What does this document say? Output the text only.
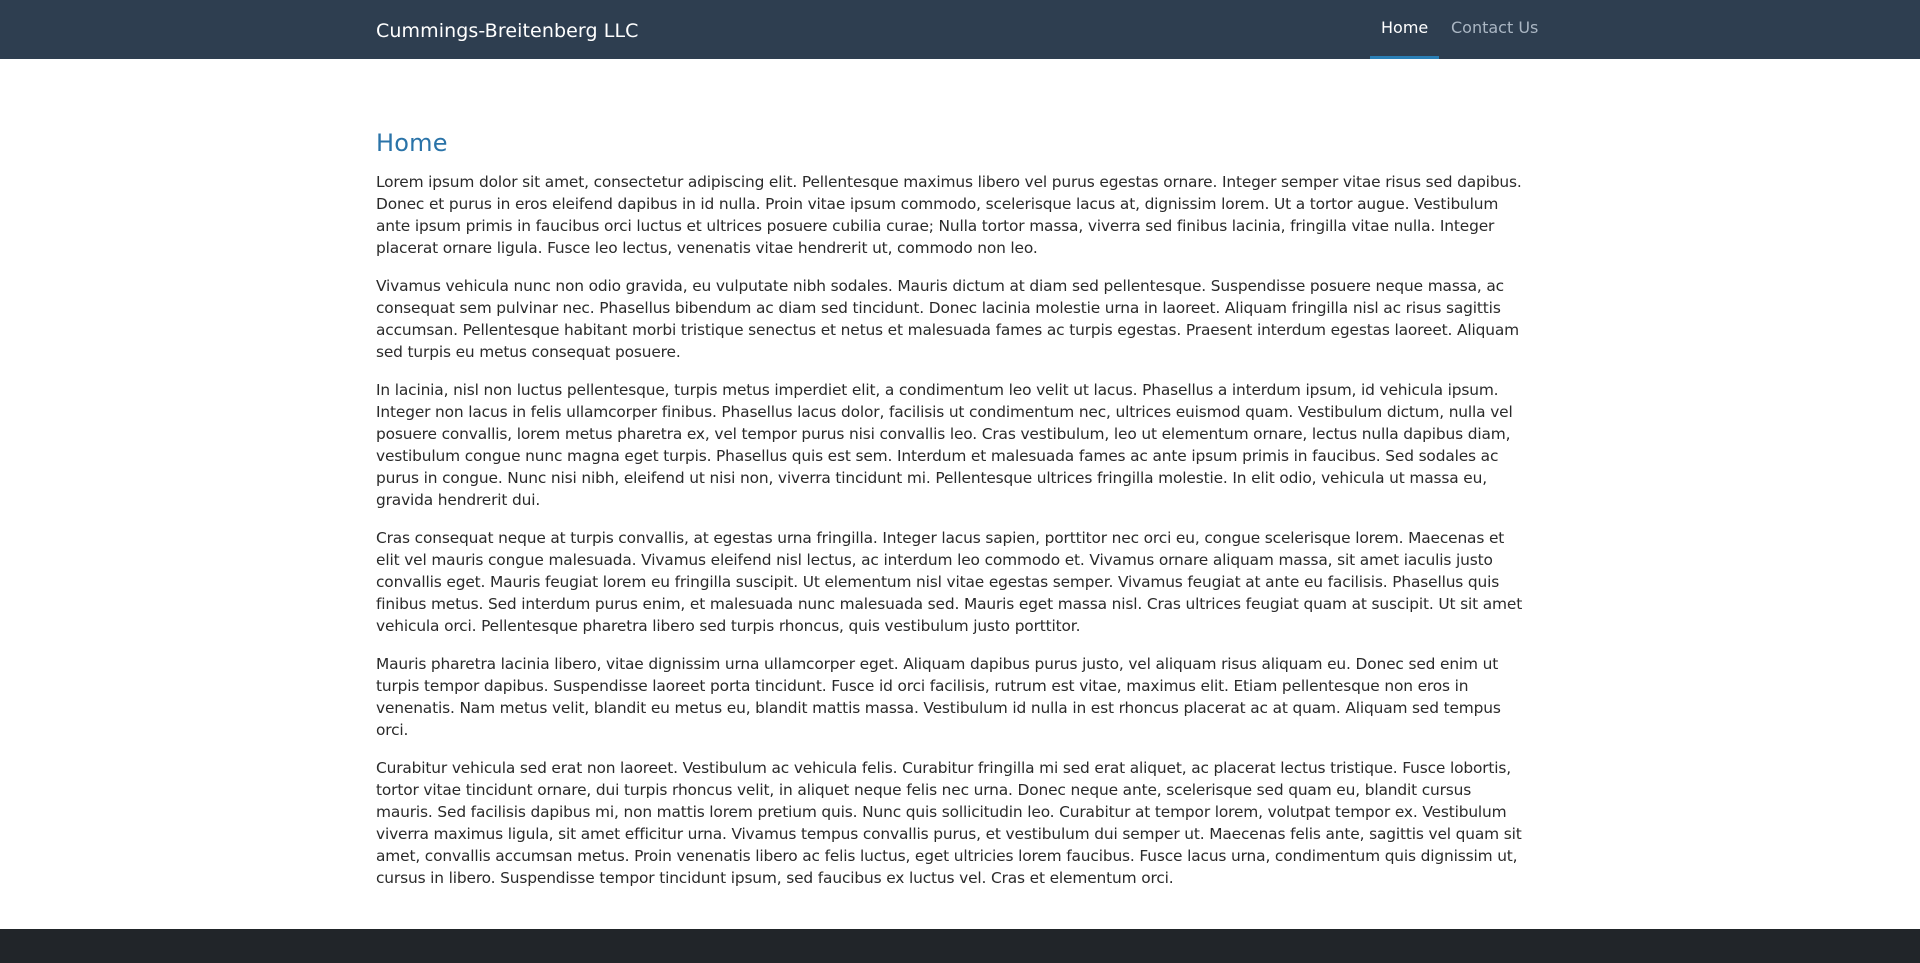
Cummings-Breitenberg LLC	Home Contact Us
Home

Lorem ipsum dolor sit amet, consectetur adipiscing elit. Pellentesque maximus libero vel purus egestas ornare. Integer semper vitae risus sed dapibus. Donec et purus in eros eleifend dapibus in id nulla. Proin vitae ipsum commodo, scelerisque lacus at, dignissim lorem. Ut a tortor augue. Vestibulum ante ipsum primis in faucibus orci luctus et ultrices posuere cubilia curae; Nulla tortor massa, viverra sed finibus lacinia, fringilla vitae nulla. Integer placerat ornare ligula. Fusce leo lectus, venenatis vitae hendrerit ut, commodo non leo.

Vivamus vehicula nunc non odio gravida, eu vulputate nibh sodales. Mauris dictum at diam sed pellentesque. Suspendisse posuere neque massa, ac consequat sem pulvinar nec. Phasellus bibendum ac diam sed tincidunt. Donec lacinia molestie urna in laoreet. Aliquam fringilla nisl ac risus sagittis accumsan. Pellentesque habitant morbi tristique senectus et netus et malesuada fames ac turpis egestas. Praesent interdum egestas laoreet. Aliquam sed turpis eu metus consequat posuere.

In lacinia, nisl non luctus pellentesque, turpis metus imperdiet elit, a condimentum leo velit ut lacus. Phasellus a interdum ipsum, id vehicula ipsum. Integer non lacus in felis ullamcorper finibus. Phasellus lacus dolor, facilisis ut condimentum nec, ultrices euismod quam. Vestibulum dictum, nulla vel posuere convallis, lorem metus pharetra ex, vel tempor purus nisi convallis leo. Cras vestibulum, leo ut elementum ornare, lectus nulla dapibus diam, vestibulum congue nunc magna eget turpis. Phasellus quis est sem. Interdum et malesuada fames ac ante ipsum primis in faucibus. Sed sodales ac purus in congue. Nunc nisi nibh, eleifend ut nisi non, viverra tincidunt mi. Pellentesque ultrices fringilla molestie. In elit odio, vehicula ut massa eu, gravida hendrerit dui.

Cras consequat neque at turpis convallis, at egestas urna fringilla. Integer lacus sapien, porttitor nec orci eu, congue scelerisque lorem. Maecenas et elit vel mauris congue malesuada. Vivamus eleifend nisl lectus, ac interdum leo commodo et. Vivamus ornare aliquam massa, sit amet iaculis justo convallis eget. Mauris feugiat lorem eu fringilla suscipit. Ut elementum nisl vitae egestas semper. Vivamus feugiat at ante eu facilisis. Phasellus quis finibus metus. Sed interdum purus enim, et malesuada nunc malesuada sed. Mauris eget massa nisl. Cras ultrices feugiat quam at suscipit. Ut sit amet vehicula orci. Pellentesque pharetra libero sed turpis rhoncus, quis vestibulum justo porttitor.

Mauris pharetra lacinia libero, vitae dignissim urna ullamcorper eget. Aliquam dapibus purus justo, vel aliquam risus aliquam eu. Donec sed enim ut turpis tempor dapibus. Suspendisse laoreet porta tincidunt. Fusce id orci facilisis, rutrum est vitae, maximus elit. Etiam pellentesque non eros in venenatis. Nam metus velit, blandit eu metus eu, blandit mattis massa. Vestibulum id nulla in est rhoncus placerat ac at quam. Aliquam sed tempus orci.

Curabitur vehicula sed erat non laoreet. Vestibulum ac vehicula felis. Curabitur fringilla mi sed erat aliquet, ac placerat lectus tristique. Fusce lobortis, tortor vitae tincidunt ornare, dui turpis rhoncus velit, in aliquet neque felis nec urna. Donec neque ante, scelerisque sed quam eu, blandit cursus mauris. Sed facilisis dapibus mi, non mattis lorem pretium quis. Nunc quis sollicitudin leo. Curabitur at tempor lorem, volutpat tempor ex. Vestibulum viverra maximus ligula, sit amet efficitur urna. Vivamus tempus convallis purus, et vestibulum dui semper ut. Maecenas felis ante, sagittis vel quam sit amet, convallis accumsan metus. Proin venenatis libero ac felis luctus, eget ultricies lorem faucibus. Fusce lacus urna, condimentum quis dignissim ut, cursus in libero. Suspendisse tempor tincidunt ipsum, sed faucibus ex luctus vel. Cras et elementum orci.
